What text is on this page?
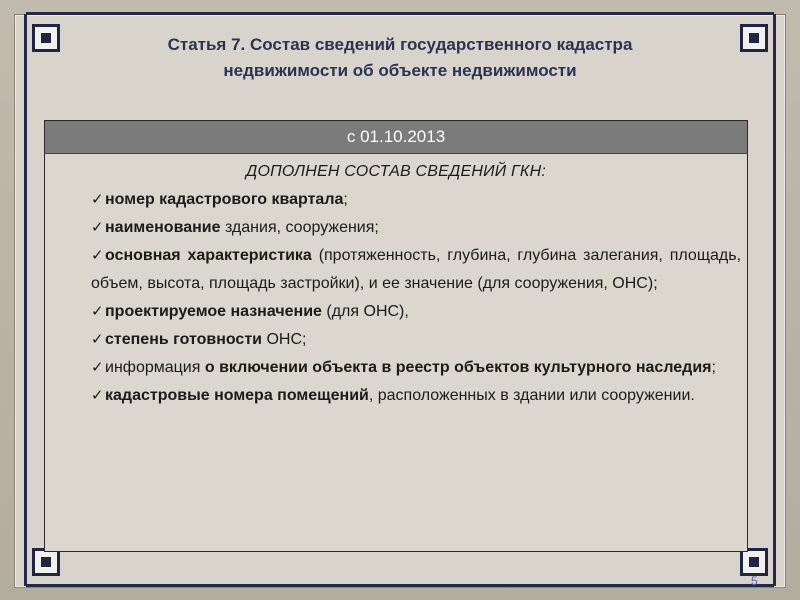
Статья 7. Состав сведений государственного кадастра
недвижимости об объекте недвижимости
с 01.10.2013
ДОПОЛНЕН СОСТАВ СВЕДЕНИЙ ГКН:
✓номер кадастрового квартала;
✓наименование здания, сооружения;
✓основная характеристика (протяженность, глубина, глубина залегания, площадь, объем, высота, площадь застройки), и ее значение (для сооружения, ОНС);
✓проектируемое назначение (для ОНС),
✓степень готовности ОНС;
✓информация о включении объекта в реестр объектов культурного наследия;
✓кадастровые номера помещений, расположенных в здании или сооружении.
5
